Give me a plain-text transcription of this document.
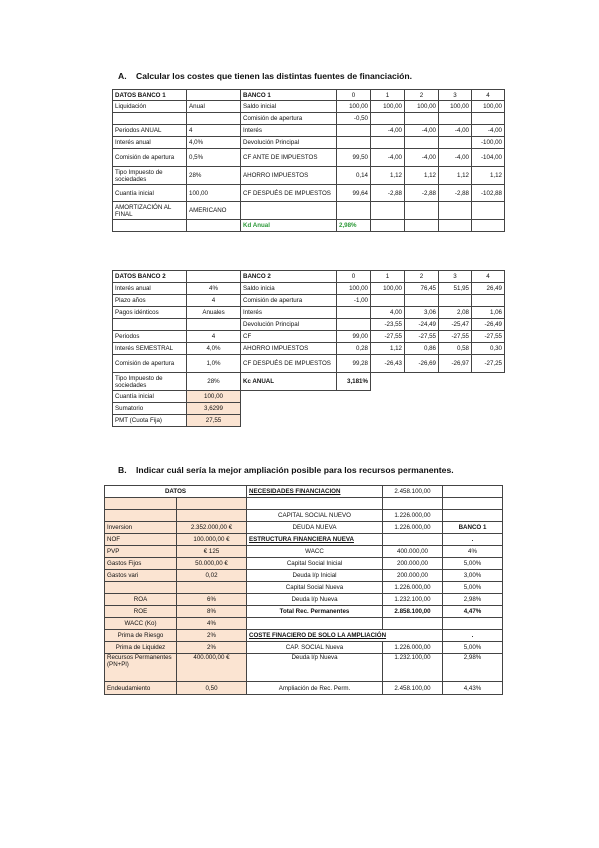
A. Calcular los costes que tienen las distintas fuentes de financiación.
DATOS BANCO 1		BANCO 1	0	1	2	3	4
Liquidación	Anual	Saldo inicial	100,00	100,00	100,00	100,00	100,00
		Comisión de apertura	-0,50				
Periodos ANUAL	4	Interés		-4,00	-4,00	-4,00	-4,00
Interés anual	4,0%	Devolución Principal					-100,00
Comisión de apertura	0,5%	CF ANTE DE IMPUESTOS	99,50	-4,00	-4,00	-4,00	-104,00
Tipo Impuesto de sociedades	28%	AHORRO IMPUESTOS	0,14	1,12	1,12	1,12	1,12
Cuantía inicial	100,00	CF DESPUÉS DE IMPUESTOS	99,64	-2,88	-2,88	-2,88	-102,88
AMORTIZACIÓN AL FINAL	AMERICANO						
		Kd Anual	2,98%				
DATOS BANCO 2		BANCO 2	0	1	2	3	4
Interés anual	4%	Saldo inicia	100,00	100,00	76,45	51,95	26,49
Plazo años	4	Comisión de apertura	-1,00				
Pagos idénticos	Anuales	Interés		4,00	3,06	2,08	1,06
		Devolución Principal		-23,55	-24,49	-25,47	-26,49
Periodos	4	CF	99,00	-27,55	-27,55	-27,55	-27,55
Interés SEMESTRAL	4,0%	AHORRO IMPUESTOS	0,28	1,12	0,86	0,58	0,30
Comisión de apertura	1,0%	CF DESPUÉS DE IMPUESTOS	99,28	-26,43	-26,69	-26,97	-27,25
Tipo Impuesto de sociedades	28%	Kc ANUAL	3,181%				
Cuantía inicial	100,00						
Sumatorio	3,6299						
PMT (Cuota Fija)	27,55						
B. Indicar cuál sería la mejor ampliación posible para los recursos permanentes.
DATOS		NECESIDADES FINANCIACION	2.458.100,00	

		CAPITAL SOCIAL NUEVO	1.226.000,00	
Inversion	2.352.000,00 €	DEUDA NUEVA	1.226.000,00	BANCO 1
NOF	100.000,00 €	ESTRUCTURA FINANCIERA NUEVA		.
PVP	€ 125	WACC	400.000,00	4%
Gastos Fijos	50.000,00 €	Capital Social Inicial	200.000,00	5,00%
Gastos vari	0,02	Deuda l/p Inicial	200.000,00	3,00%
		Capital Social Nueva	1.226.000,00	5,00%
ROA	6%	Deuda l/p Nueva	1.232.100,00	2,98%
ROE	8%	Total Rec. Permanentes	2.858.100,00	4,47%
WACC (Ko)	4%			
Prima de Riesgo	2%	COSTE FINACIERO DE SOLO LA AMPLIACIÓN		.
Prima de Liquidez	2%	CAP. SOCIAL Nueva	1.226.000,00	5,00%
Recursos Permanentes (PN+Pl)	400.000,00 €	Deuda l/p Nueva	1.232.100,00	2,98%
Endeudamiento	0,50	Ampliación de Rec. Perm.	2.458.100,00	4,43%
